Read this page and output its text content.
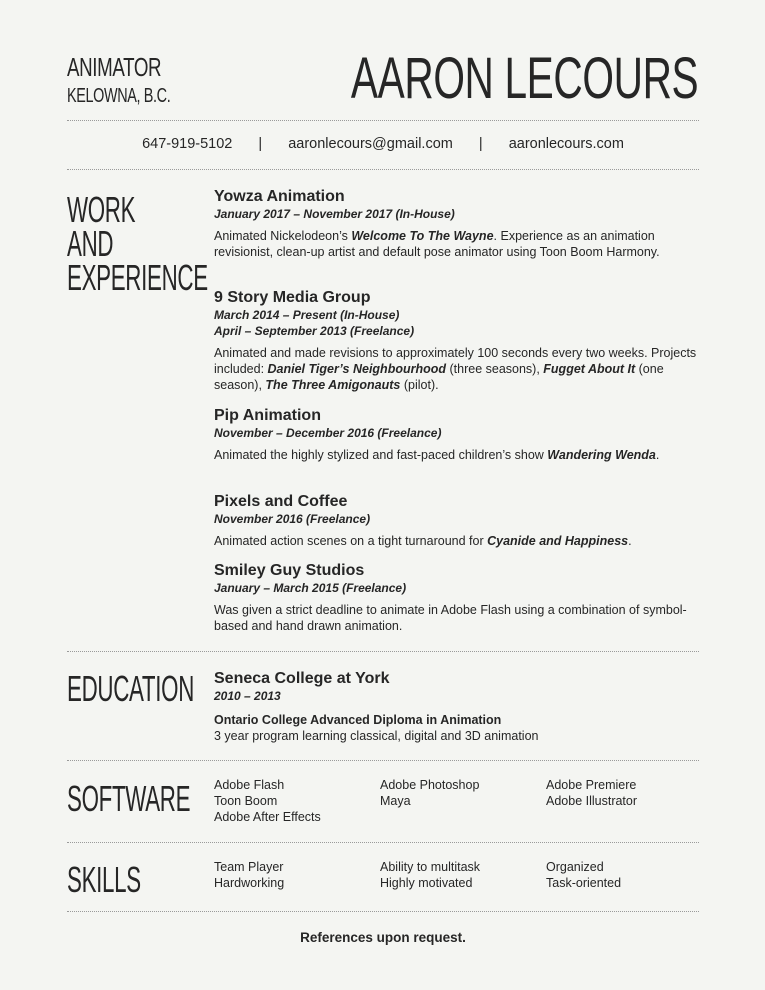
ANIMATOR
KELOWNA, B.C.	AARON LECOURS
647-919-5102 | aaronlecours@gmail.com | aaronlecours.com
WORK
AND
EXPERIENCE
Yowza Animation
January 2017 – November 2017 (In-House)

Animated Nickelodeon’s Welcome To The Wayne. Experience as an animation revisionist, clean-up artist and default pose animator using Toon Boom Harmony.

9 Story Media Group
March 2014 – Present (In-House)
April – September 2013 (Freelance)

Animated and made revisions to approximately 100 seconds every two weeks. Projects included: Daniel Tiger’s Neighbourhood (three seasons), Fugget About It (one season), The Three Amigonauts (pilot).

Pip Animation
November – December 2016 (Freelance)

Animated the highly stylized and fast-paced children’s show Wandering Wenda.

Pixels and Coffee
November 2016 (Freelance)

Animated action scenes on a tight turnaround for Cyanide and Happiness.

Smiley Guy Studios
January – March 2015 (Freelance)

Was given a strict deadline to animate in Adobe Flash using a combination of symbol-based and hand drawn animation.

EDUCATION Seneca College at York
2010 – 2013

Ontario College Advanced Diploma in Animation

3 year program learning classical, digital and 3D animation

SOFTWARE Adobe Flash
Toon Boom
Adobe After Effects
Adobe Photoshop
Maya
Adobe Premiere
Adobe Illustrator
SKILLS	Team Player
Hardworking
Ability to multitask
Highly motivated
Organized
Task-oriented
References upon request.
